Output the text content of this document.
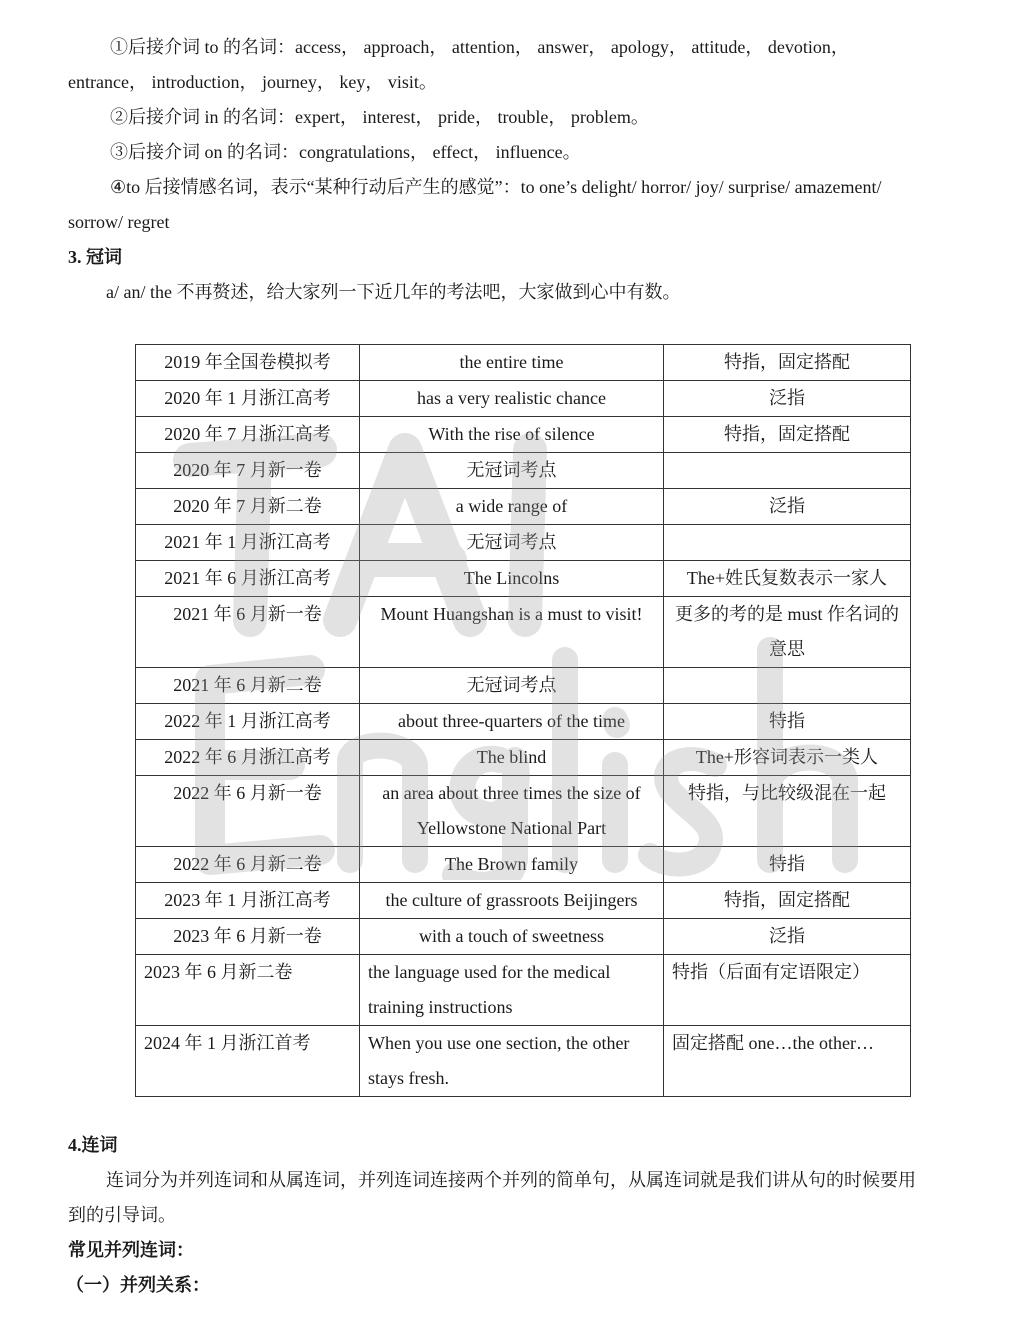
①后接介词 to 的名词：access， approach， attention， answer， apology， attitude， devotion，
entrance， introduction， journey， key， visit。
②后接介词 in 的名词：expert， interest， pride， trouble， problem。
③后接介词 on 的名词：congratulations， effect， influence。
④to 后接情感名词，表示“某种行动后产生的感觉”：to one’s delight/ horror/ joy/ surprise/ amazement/
sorrow/ regret
3. 冠词
a/ an/ the 不再赘述，给大家列一下近几年的考法吧，大家做到心中有数。
2019 年全国卷模拟考	the entire time	特指，固定搭配
2020 年 1 月浙江高考	has a very realistic chance	泛指
2020 年 7 月浙江高考	With the rise of silence	特指，固定搭配
2020 年 7 月新一卷	无冠词考点	
2020 年 7 月新二卷	a wide range of	泛指
2021 年 1 月浙江高考	无冠词考点	
2021 年 6 月浙江高考	The Lincolns	The+姓氏复数表示一家人
2021 年 6 月新一卷	Mount Huangshan is a must to visit!	更多的考的是 must 作名词的意思
2021 年 6 月新二卷	无冠词考点	
2022 年 1 月浙江高考	about three-quarters of the time	特指
2022 年 6 月浙江高考	The blind	The+形容词表示一类人
2022 年 6 月新一卷	an area about three times the size of Yellowstone National Part	特指，与比较级混在一起
2022 年 6 月新二卷	The Brown family	特指
2023 年 1 月浙江高考	the culture of grassroots Beijingers	特指，固定搭配
2023 年 6 月新一卷	with a touch of sweetness	泛指
2023 年 6 月新二卷	the language used for the medical training instructions	特指（后面有定语限定）
2024 年 1 月浙江首考	When you use one section, the other stays fresh.	固定搭配 one…the other…
4.连词
连词分为并列连词和从属连词，并列连词连接两个并列的简单句，从属连词就是我们讲从句的时候要用
到的引导词。
常见并列连词：
（一）并列关系：
